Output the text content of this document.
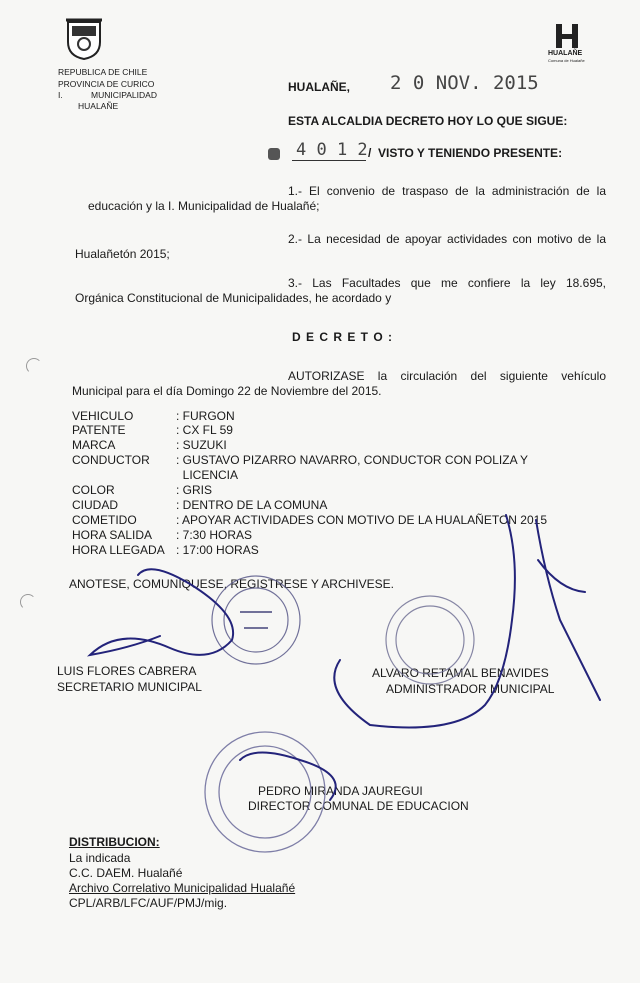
REPUBLICA DE CHILE
PROVINCIA DE CURICO
I.	MUNICIPALIDAD
HUALAÑE
HUALAÑE
Comuna de Hualañe
HUALAÑE, 2 0 NOV. 2015
ESTA ALCALDIA DECRETO HOY LO QUE SIGUE:
4 0 1 2 /  VISTO Y TENIENDO PRESENTE:
1.- El convenio de traspaso de la administración de la
educación y la I. Municipalidad de Hualañé;
2.- La necesidad de apoyar actividades con motivo de la
Hualañetón 2015;
3.- Las Facultades que me confiere la ley 18.695,
Orgánica Constitucional de Municipalidades, he acordado y
D E C R E T O :
AUTORIZASE la circulación del siguiente vehículo
Municipal para el día Domingo 22 de Noviembre del 2015.
VEHICULO	: FURGON
PATENTE	: CX FL 59
MARCA	: SUZUKI
CONDUCTOR : GUSTAVO PIZARRO NAVARRO, CONDUCTOR CON POLIZA Y
LICENCIA
COLOR	: GRIS
CIUDAD	: DENTRO DE LA COMUNA
COMETIDO	: APOYAR ACTIVIDADES CON MOTIVO DE LA HUALAÑETON 2015
HORA SALIDA : 7:30 HORAS
HORA LLEGADA : 17:00 HORAS
ANOTESE, COMUNIQUESE, REGISTRESE Y ARCHIVESE.
LUIS FLORES CABRERA
SECRETARIO MUNICIPAL
ALVARO RETAMAL BENAVIDES
ADMINISTRADOR MUNICIPAL
PEDRO MIRANDA JAUREGUI
DIRECTOR COMUNAL DE EDUCACION
DISTRIBUCION:
La indicada
C.C. DAEM. Hualañé
Archivo Correlativo Municipalidad Hualañé
CPL/ARB/LFC/AUF/PMJ/mig.
